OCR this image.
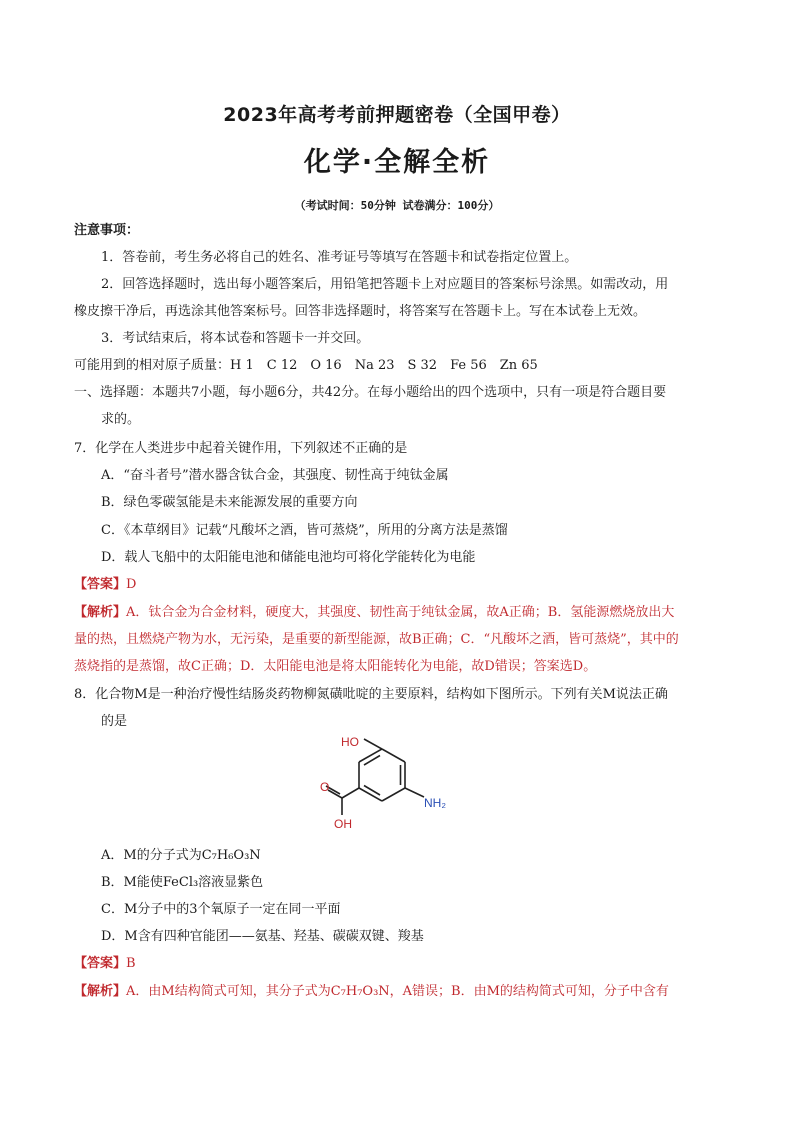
2023年高考考前押题密卷（全国甲卷）
化学·全解全析
（考试时间：50分钟 试卷满分：100分）
注意事项：
1．答卷前，考生务必将自己的姓名、准考证号等填写在答题卡和试卷指定位置上。
2．回答选择题时，选出每小题答案后，用铅笔把答题卡上对应题目的答案标号涂黑。如需改动，用
橡皮擦干净后，再选涂其他答案标号。回答非选择题时，将答案写在答题卡上。写在本试卷上无效。
3．考试结束后，将本试卷和答题卡一并交回。
可能用到的相对原子质量：H 1　C 12　O 16　Na 23　S 32　Fe 56　Zn 65
一、选择题：本题共7小题，每小题6分，共42分。在每小题给出的四个选项中，只有一项是符合题目要
求的。
7．化学在人类进步中起着关键作用，下列叙述不正确的是
A．“奋斗者号”潜水器含钛合金，其强度、韧性高于纯钛金属
B．绿色零碳氢能是未来能源发展的重要方向
C．《本草纲目》记载“凡酸坏之酒，皆可蒸烧”，所用的分离方法是蒸馏
D．载人飞船中的太阳能电池和储能电池均可将化学能转化为电能
【答案】D
【解析】A．钛合金为合金材料，硬度大，其强度、韧性高于纯钛金属，故A正确；B．氢能源燃烧放出大
量的热，且燃烧产物为水，无污染，是重要的新型能源，故B正确；C．“凡酸坏之酒，皆可蒸烧”，其中的
蒸烧指的是蒸馏，故C正确；D．太阳能电池是将太阳能转化为电能，故D错误；答案选D。
8．化合物M是一种治疗慢性结肠炎药物柳氮磺吡啶的主要原料，结构如下图所示。下列有关M说法正确
的是
HO
O
OH
NH₂
A．M的分子式为C₇H₆O₃N
B．M能使FeCl₃溶液显紫色
C．M分子中的3个氧原子一定在同一平面
D．M含有四种官能团——氨基、羟基、碳碳双键、羧基
【答案】B
【解析】A．由M结构简式可知，其分子式为C₇H₇O₃N，A错误；B．由M的结构简式可知，分子中含有
